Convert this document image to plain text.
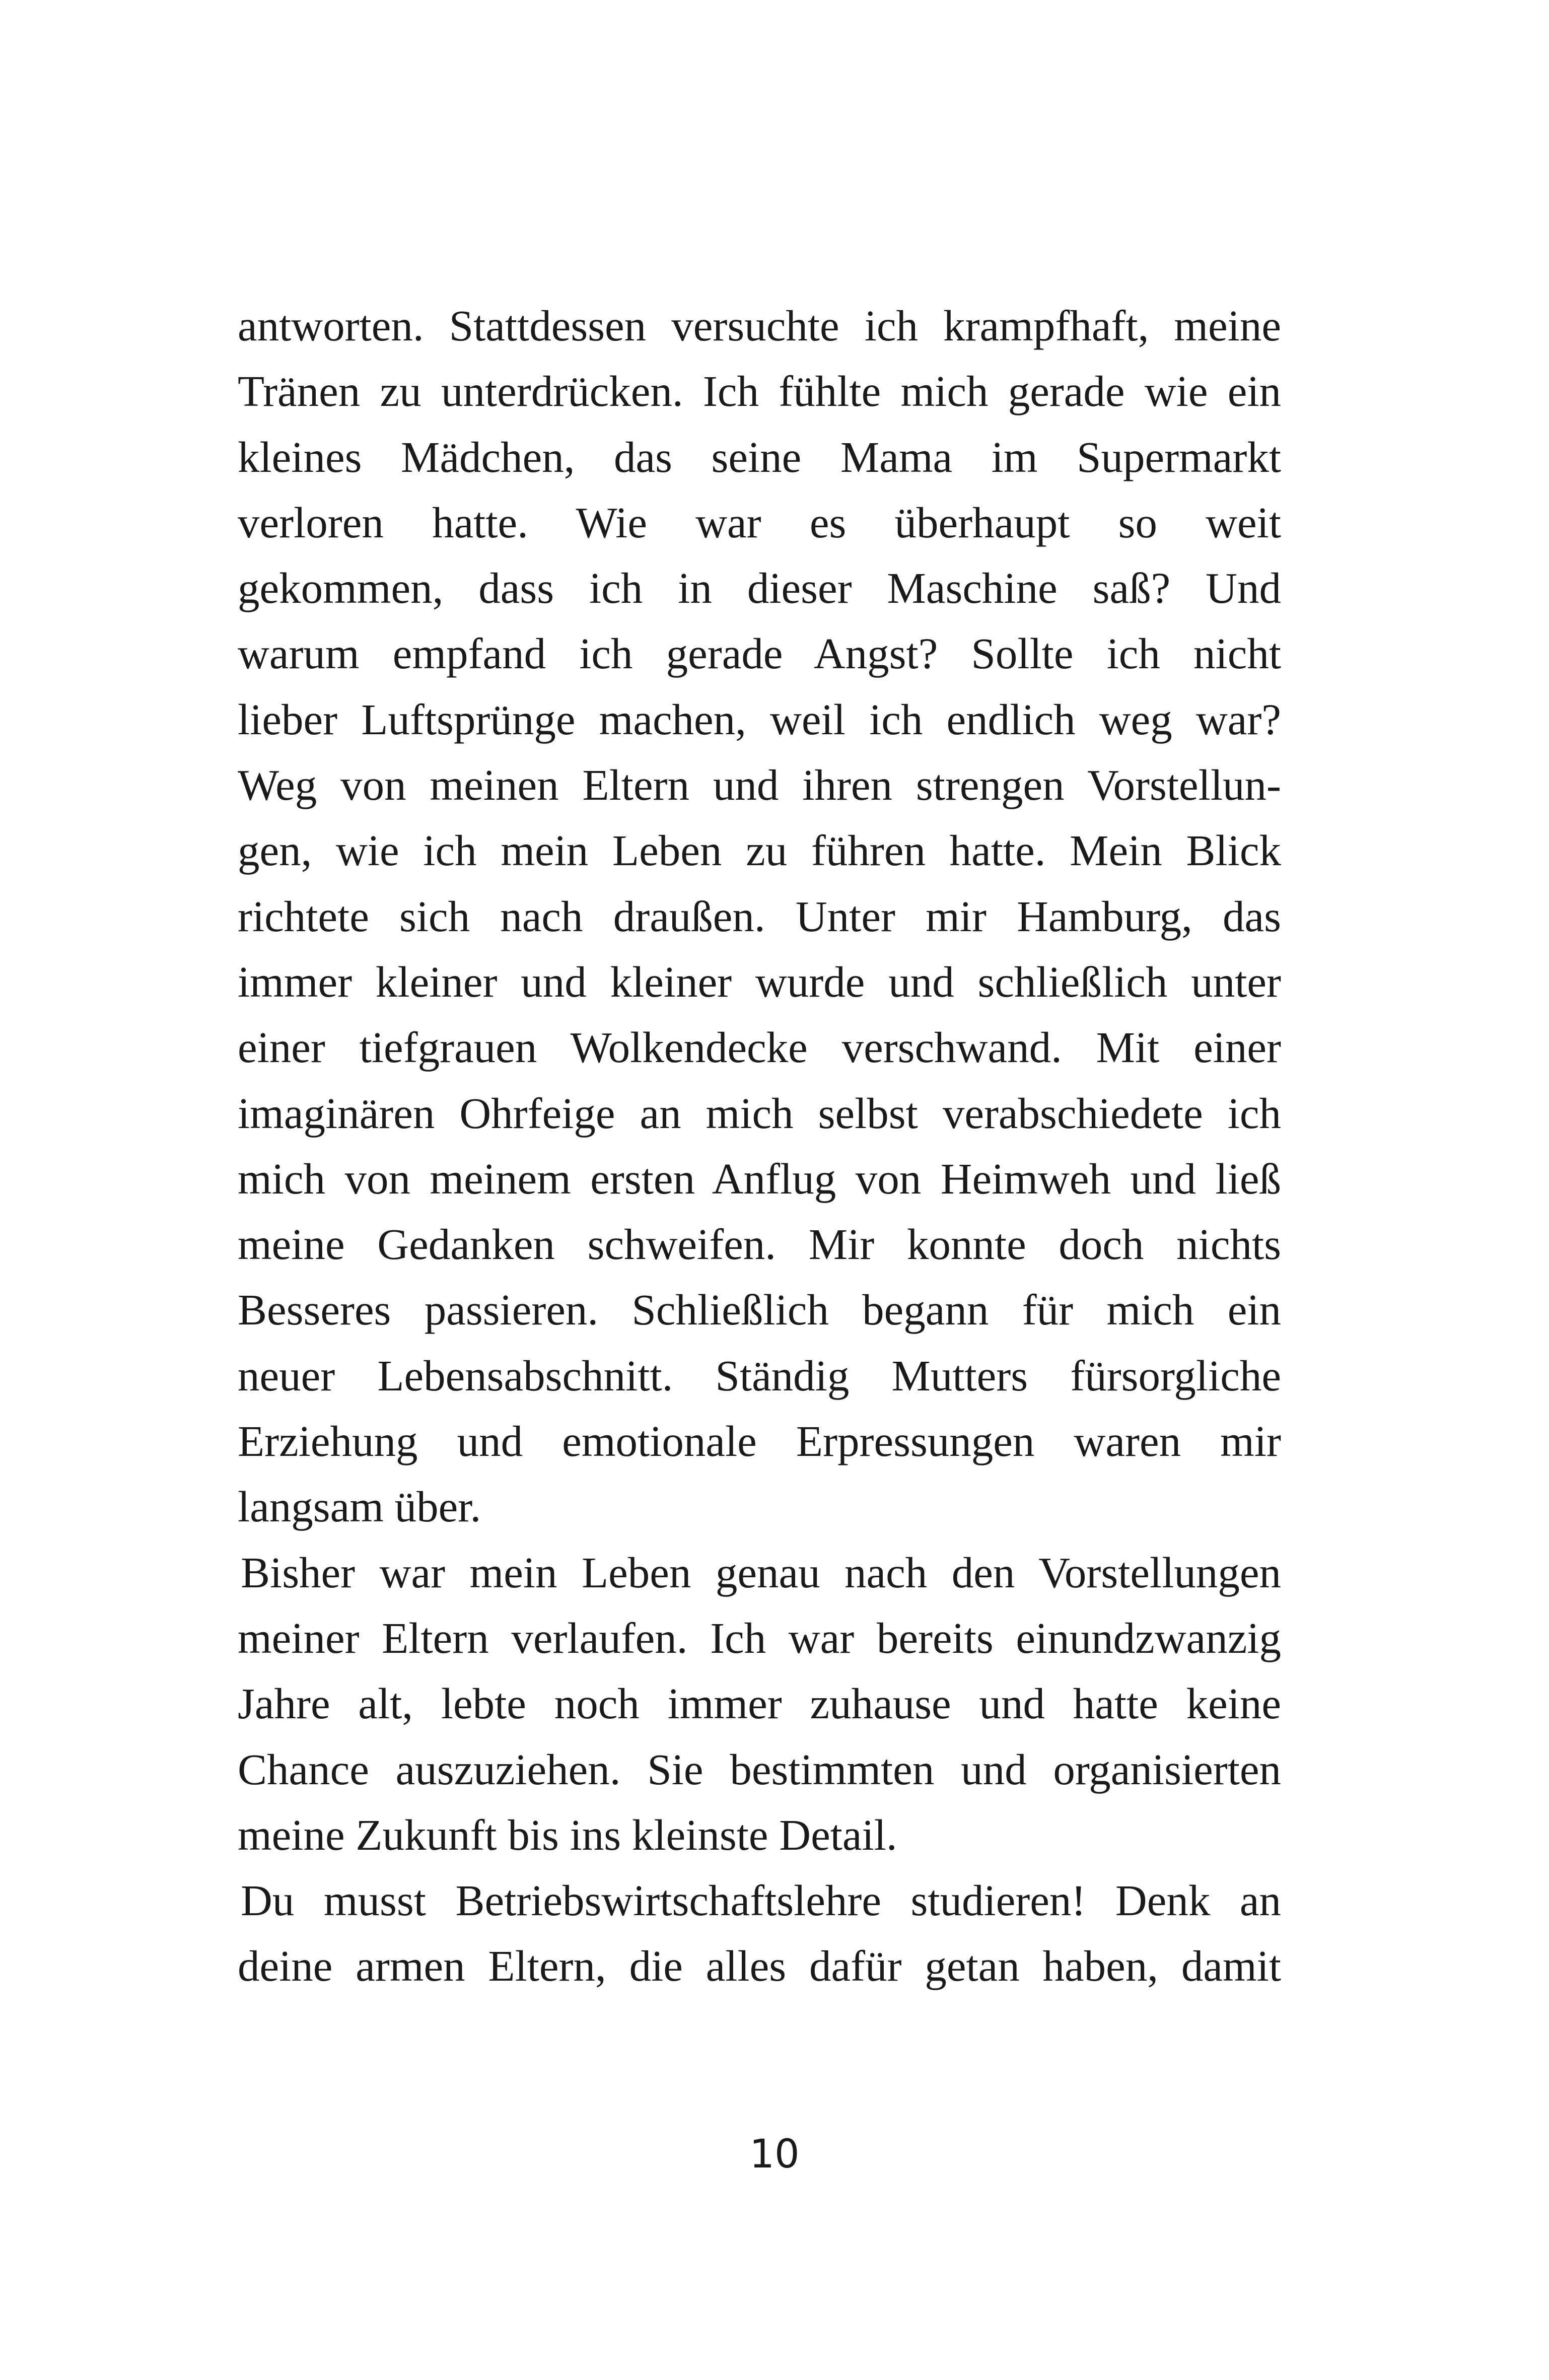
antworten. Stattdessen versuchte ich krampfhaft, meine
Tränen zu unterdrücken. Ich fühlte mich gerade wie ein
kleines Mädchen, das seine Mama im Supermarkt
verloren hatte. Wie war es überhaupt so weit
gekommen, dass ich in dieser Maschine saß? Und
warum empfand ich gerade Angst? Sollte ich nicht
lieber Luftsprünge machen, weil ich endlich weg war?
Weg von meinen Eltern und ihren strengen Vorstellun-
gen, wie ich mein Leben zu führen hatte. Mein Blick
richtete sich nach draußen. Unter mir Hamburg, das
immer kleiner und kleiner wurde und schließlich unter
einer tiefgrauen Wolkendecke verschwand. Mit einer
imaginären Ohrfeige an mich selbst verabschiedete ich
mich von meinem ersten Anflug von Heimweh und ließ
meine Gedanken schweifen. Mir konnte doch nichts
Besseres passieren. Schließlich begann für mich ein
neuer Lebensabschnitt. Ständig Mutters fürsorgliche
Erziehung und emotionale Erpressungen waren mir
langsam über.
Bisher war mein Leben genau nach den Vorstellungen
meiner Eltern verlaufen. Ich war bereits einundzwanzig
Jahre alt, lebte noch immer zuhause und hatte keine
Chance auszuziehen. Sie bestimmten und organisierten
meine Zukunft bis ins kleinste Detail.
Du musst Betriebswirtschaftslehre studieren! Denk an
deine armen Eltern, die alles dafür getan haben, damit
10
